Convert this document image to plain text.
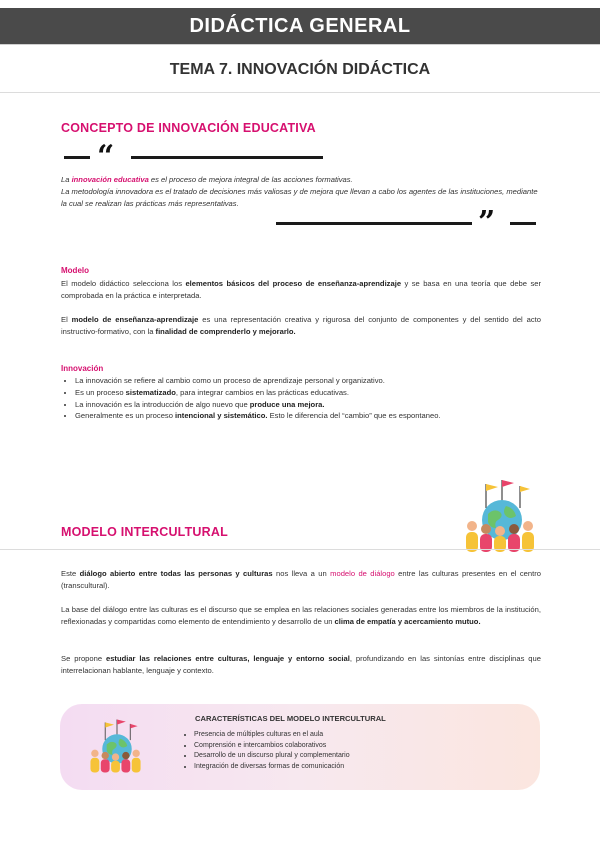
DIDÁCTICA GENERAL
TEMA 7. INNOVACIÓN DIDÁCTICA
CONCEPTO DE INNOVACIÓN EDUCATIVA
“
La innovación educativa es el proceso de mejora integral de las acciones formativas.
La metodología innovadora es el tratado de decisiones más valiosas y de mejora que llevan a cabo los agentes de las instituciones, mediante la cual se realizan las prácticas más representativas.
”
Modelo
El modelo didáctico selecciona los elementos básicos del proceso de enseñanza-aprendizaje y se basa en una teoría que debe ser comprobada en la práctica e interpretada.
El modelo de enseñanza-aprendizaje es una representación creativa y rigurosa del conjunto de componentes y del sentido del acto instructivo-formativo, con la finalidad de comprenderlo y mejorarlo.
Innovación
• La innovación se refiere al cambio como un proceso de aprendizaje personal y organizativo.
• Es un proceso sistematizado, para integrar cambios en las prácticas educativas.
• La innovación es la introducción de algo nuevo que produce una mejora.
• Generalmente es un proceso intencional y sistemático. Esto le diferencia del “cambio” que es espontaneo.
MODELO INTERCULTURAL
Este diálogo abierto entre todas las personas y culturas nos lleva a un modelo de diálogo entre las culturas presentes en el centro (transcultural).
La base del diálogo entre las culturas es el discurso que se emplea en las relaciones sociales generadas entre los miembros de la institución, reflexionadas y compartidas como elemento de entendimiento y desarrollo de un clima de empatía y acercamiento mutuo.
Se propone estudiar las relaciones entre culturas, lenguaje y entorno social, profundizando en las sintonías entre disciplinas que interrelacionan hablante, lenguaje y contexto.
CARACTERÍSTICAS DEL MODELO INTERCULTURAL
• Presencia de múltiples culturas en el aula
• Comprensión e intercambios colaborativos
• Desarrollo de un discurso plural y complementario
• Integración de diversas formas de comunicación
